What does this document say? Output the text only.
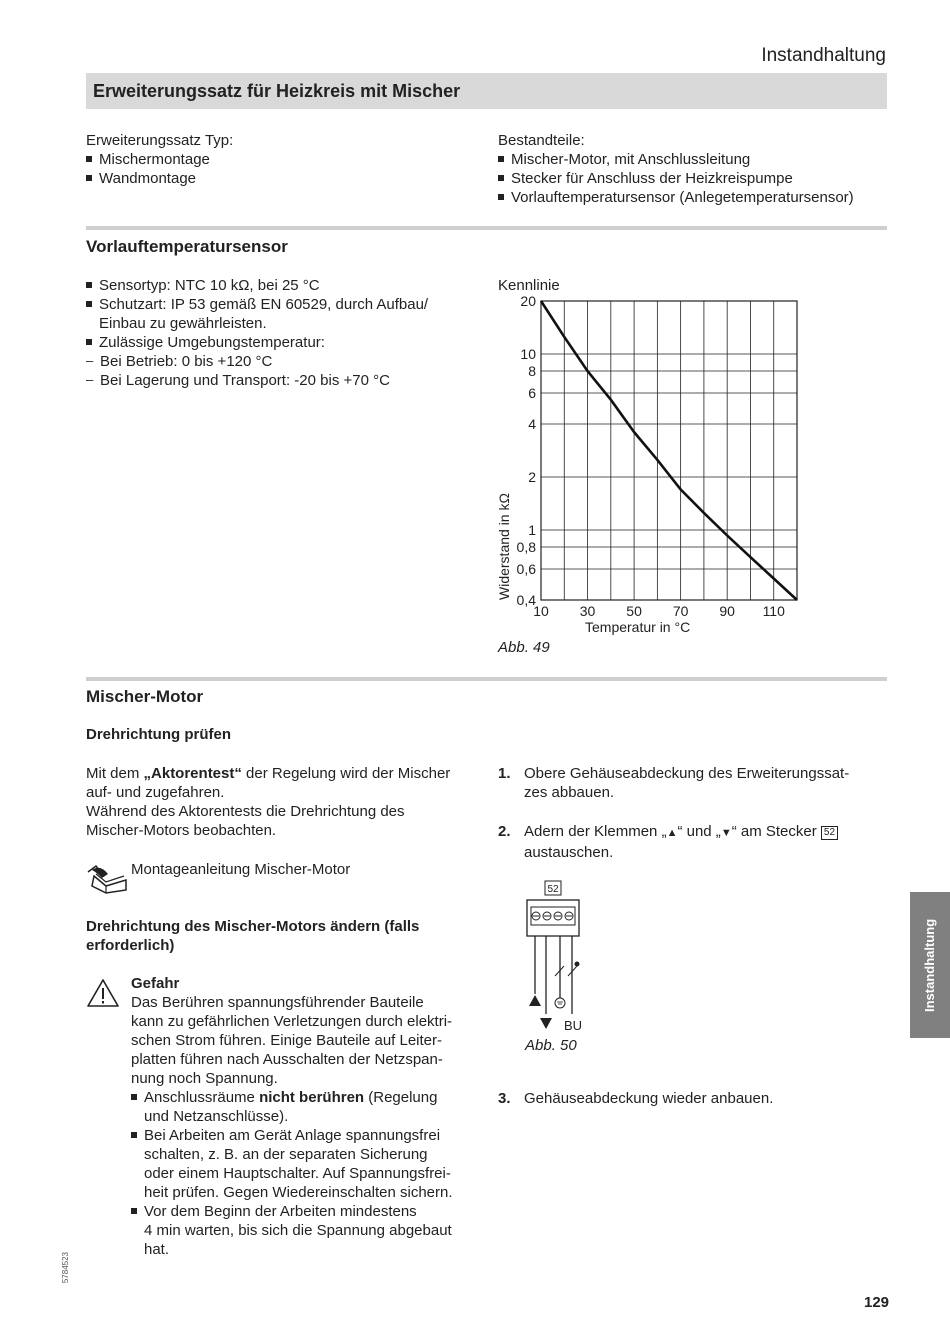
Instandhaltung
Erweiterungssatz für Heizkreis mit Mischer
Erweiterungssatz Typ:
Mischermontage
Wandmontage
Bestandteile:
Mischer-Motor, mit Anschlussleitung
Stecker für Anschluss der Heizkreispumpe
Vorlauftemperatursensor (Anlegetemperatursensor)
Vorlauftemperatursensor
Sensortyp: NTC 10 kΩ, bei 25 °C
Schutzart: IP 53 gemäß EN 60529, durch Aufbau/
Einbau zu gewährleisten.
Zulässige Umgebungstemperatur:
– Bei Betrieb: 0 bis +120 °C
– Bei Lagerung und Transport: -20 bis +70 °C
Kennlinie
20
10
8
6
4
2
1
0,8
0,6
0,4
10 30 50 70 90 110
Temperatur in °C
Widerstand in kΩ
Abb. 49
Mischer-Motor
Drehrichtung prüfen
Mit dem „Aktorentest“ der Regelung wird der Mischer
auf- und zugefahren.
Während des Aktorentests die Drehrichtung des
Mischer-Motors beobachten.
Montageanleitung Mischer-Motor
Drehrichtung des Mischer-Motors ändern (falls
erforderlich)
Gefahr
Das Berühren spannungsführender Bauteile
kann zu gefährlichen Verletzungen durch elektri-
schen Strom führen. Einige Bauteile auf Leiter-
platten führen nach Ausschalten der Netzspan-
nung noch Spannung.
Anschlussräume nicht berühren (Regelung
und Netzanschlüsse).
Bei Arbeiten am Gerät Anlage spannungsfrei
schalten, z. B. an der separaten Sicherung
oder einem Hauptschalter. Auf Spannungsfrei-
heit prüfen. Gegen Wiedereinschalten sichern.
Vor dem Beginn der Arbeiten mindestens
4 min warten, bis sich die Spannung abgebaut
hat.
1. Obere Gehäuseabdeckung des Erweiterungssat-
zes abbauen.
2. Adern der Klemmen „▲“ und „▼“ am Stecker 52
austauschen.
52
BU
Abb. 50
3. Gehäuseabdeckung wieder anbauen.
Instandhaltung
5784523
129
